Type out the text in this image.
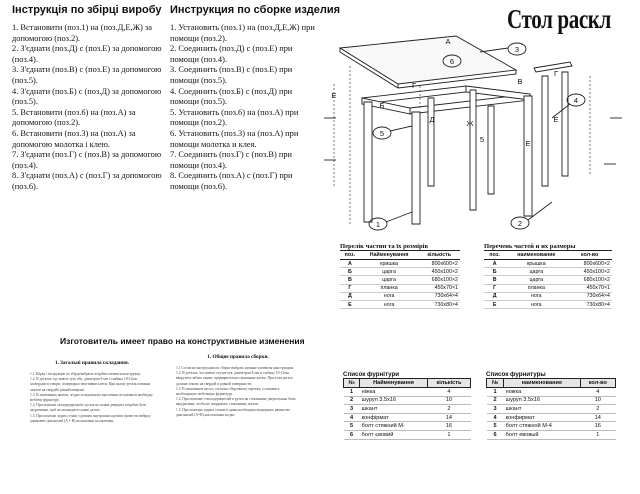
Інструкція по збірці виробу
1. Встановити (поз.1) на (поз.Д,Е,Ж) за допомогою (поз.2).
2. З'єднати (поз.Д) с (поз.Е) за допомогою (поз.4).
3. З'єднати (поз.В) с (поз.Е) за допомогою (поз.5).
4. З'єднати (поз.Б) с (поз.Д) за допомогою (поз.5).
5. Встановити (поз.6) на (поз.А) за допомогою (поз.2).
6. Встановити (поз.3) на (поз.А) за допомогою молотка і клею.
7. З'єднати (поз.Г) с (поз.В) за допомогою (поз.4).
8. З'єднати (поз.А) с (поз.Г) за допомогою (поз.6).
Инструкция по сборке изделия
1. Установить (поз.1) на (поз.Д,Е,Ж) при помощи (поз.2).
2. Соединить (поз.Д) с (поз.Е) при помощи (поз.4).
3. Соединить (поз.В) с (поз.Е) при помощи (поз.5).
4. Соединить (поз.Б) с (поз.Д) при помощи (поз.5).
5. Установить (поз.6) на (поз.А) при помощи (поз.2).
6. Установить (поз.3) на (поз.А) при помощи молотка и клея.
7. Соединить (поз.Г) с (поз.В) при помощи (поз.4).
8. Соединить (поз.А) с (поз.Г) при помощи (поз.6).
Стол раскл
А
Б
В
Г
Д
Е
Ж
1	2
3
4
5
6
Е
Е
5
Г
Перелік частин та їх розмірів
поз.	Найменування	кількість
А	кришка	800х600×2
Б	царга	450х100×2
В	царга	680х100×2
Г	планка	450х70×1
Д	нога	730х64×4
Е	нога	730х80×4
Перечень частей и их размеры
поз.	наименование	кол-во
А	крышка	800х600×2
Б	царга	450х100×2
В	царга	680х100×2
Г	планка	450х70×1
Д	нога	730х64×4
Е	нога	730х80×4
Изготовитель имеет право на конструктивные изменения
1. Загальні правила складання.
1.1 Збірку і інструкцію по збірці вибрати потрібні елементи конструкції.
1.2. В деталях, що мають тулу або, діаметром 8 мм і глибину 10-12мм засвердлити отвори, попередньо змастивши клеєм. При цьому деталь повинна лежати на твердій і рівній поверхні.
1.3. В монтажних вилках, згідно складального креслення, встановити необхідну меблеву фурнітуру.
1.4. При монтажі складердержачів і ручок на скляні дверцята потрібно бути акуратними, щоб не пошкодити скляні деталі.
1.5. При монтажі задніх стінок з довших внутрішніх кріпити провести вибірку однакових діагоналей (А = В) як показано на малюнку.
1. Общие правила сборки.
1.1 Согласно инструкции по сборке выбрать нужные элементы конструкции.
1.2. В деталях, что имеют глухие отв. диаметром 8 мм и глубину 10-12мм вкорутить забить шкант, предварительно смазанные клеем. При этом деталь должна лежать на твердой и ровной поверхности.
1.3. В монтажные места, согласно сборочному чертежу, установить необходимую мебельную фурнитуру.
1.4. При монтаже стеклодержателей и ручек на стеклянные двери нужно быть аккуратным, чтобы не поцарапать стеклянные детали.
1.5. При монтаже задних стенок и днищ необходимо выдержать равенство диагоналей (А=В) как показано на рис.
Список фурнітури
№	Найменування	кількість
1	ніжка	4
2	шуруп 3.5х16	10
3	шкант	2
4	конфірмат	14
5	болт стяжний М-	16
6	болт євовий	1
Список фурнитуры
№	наименование	кол-во
1	ножка	4
2	шуруп 3.5х16	10
3	шкант	2
4	конфирмат	14
5	болт стяжной М-4	16
6	болт евовый	1
